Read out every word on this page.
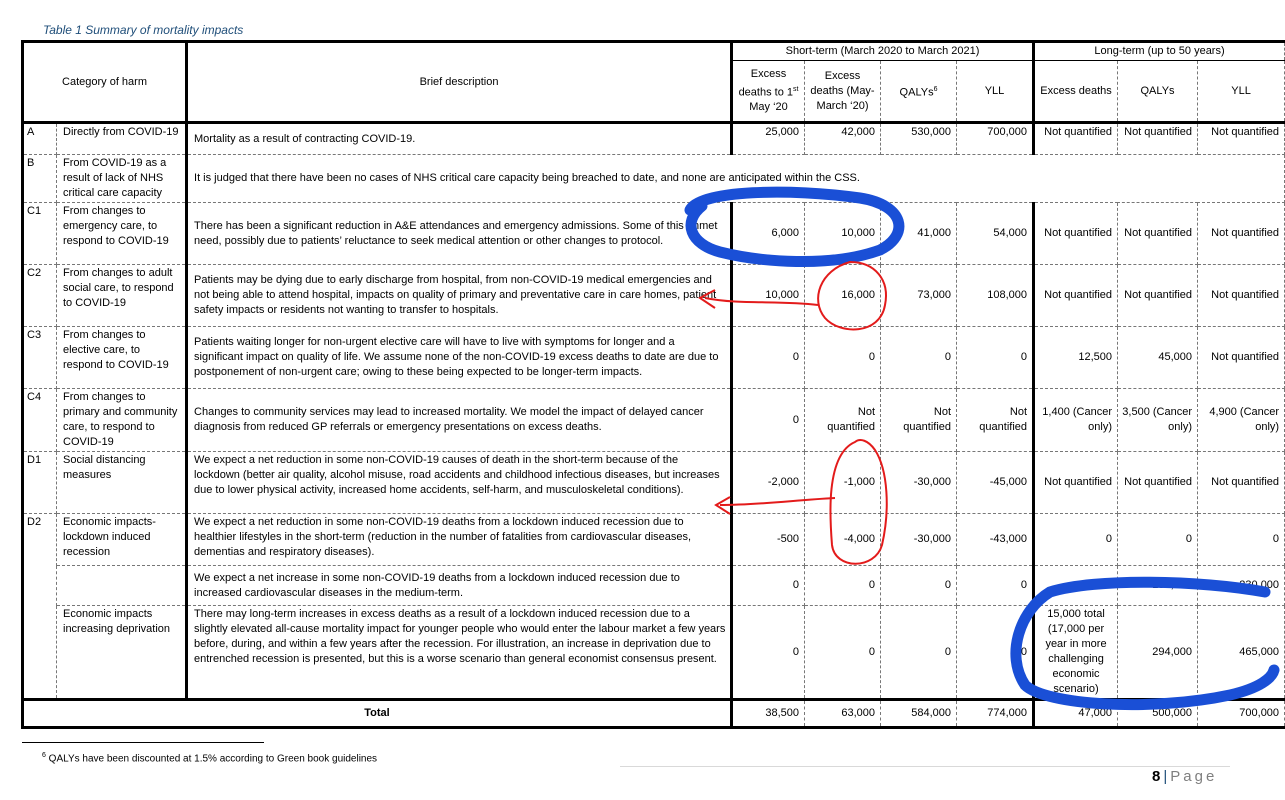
Table 1 Summary of mortality impacts
Category of harm		Brief description	Short-term (March 2020 to March 2021)				Long-term (up to 50 years)		
			Excess deaths to 1st May ‘20	Excess deaths (May-March ‘20)	QALYs$^6$	YLL	Excess deaths	QALYs	YLL
A	Directly from COVID-19	Mortality as a result of contracting COVID-19.	25,000	42,000	530,000	700,000	Not quantified	Not quantified	Not quantified
B	From COVID-19 as a result of lack of NHS critical care capacity	It is judged that there have been no cases of NHS critical care capacity being breached to date, and none are anticipated within the CSS.							
C1	From changes to emergency care, to respond to COVID-19	There has been a significant reduction in A&E attendances and emergency admissions. Some of this unmet need, possibly due to patients’ reluctance to seek medical attention or other changes to protocol.	6,000	10,000	41,000	54,000	Not quantified	Not quantified	Not quantified
C2	From changes to adult social care, to respond to COVID-19	Patients may be dying due to early discharge from hospital, from non-COVID-19 medical emergencies and not being able to attend hospital, impacts on quality of primary and preventative care in care homes, patient safety impacts or residents not wanting to transfer to hospitals.	10,000	16,000	73,000	108,000	Not quantified	Not quantified	Not quantified
C3	From changes to elective care, to respond to COVID-19	Patients waiting longer for non-urgent elective care will have to live with symptoms for longer and a significant impact on quality of life. We assume none of the non-COVID-19 excess deaths to date are due to postponement of non-urgent care; owing to these being expected to be longer-term impacts.	0	0	0	0	12,500	45,000	Not quantified
C4	From changes to primary and community care, to respond to COVID-19	Changes to community services may lead to increased mortality. We model the impact of delayed cancer diagnosis from reduced GP referrals or emergency presentations on excess deaths.	0	Not quantified	Not quantified	Not quantified	1,400 (Cancer only)	3,500 (Cancer only)	4,900 (Cancer only)
D1	Social distancing measures	We expect a net reduction in some non-COVID-19 causes of death in the short-term because of the lockdown (better air quality, alcohol misuse, road accidents and childhood infectious diseases, but increases due to lower physical activity, increased home accidents, self-harm, and musculoskeletal conditions).	-2,000	-1,000	-30,000	-45,000	Not quantified	Not quantified	Not quantified
D2	Economic impacts- lockdown induced recession	We expect a net reduction in some non-COVID-19 deaths from a lockdown induced recession due to healthier lifestyles in the short-term (reduction in the number of fatalities from cardiovascular diseases, dementias and respiratory diseases).	-500	-4,000	-30,000	-43,000	0	0	0
		We expect a net increase in some non-COVID-19 deaths from a lockdown induced recession due to increased cardiovascular diseases in the medium-term.	0	0	0	0	18,000	157,000	230,000
	Economic impacts increasing deprivation	There may long-term increases in excess deaths as a result of a lockdown induced recession due to a slightly elevated all-cause mortality impact for younger people who would enter the labour market a few years before, during, and within a few years after the recession. For illustration, an increase in deprivation due to entrenched recession is presented, but this is a worse scenario than general economist consensus present.	0	0	0	0	15,000 total (17,000 per year in more challenging economic scenario)	294,000	465,000
Total			38,500	63,000	584,000	774,000	47,000	500,000	700,000
$^6$ QALYs have been discounted at 1.5% according to Green book guidelines
8 | Page
